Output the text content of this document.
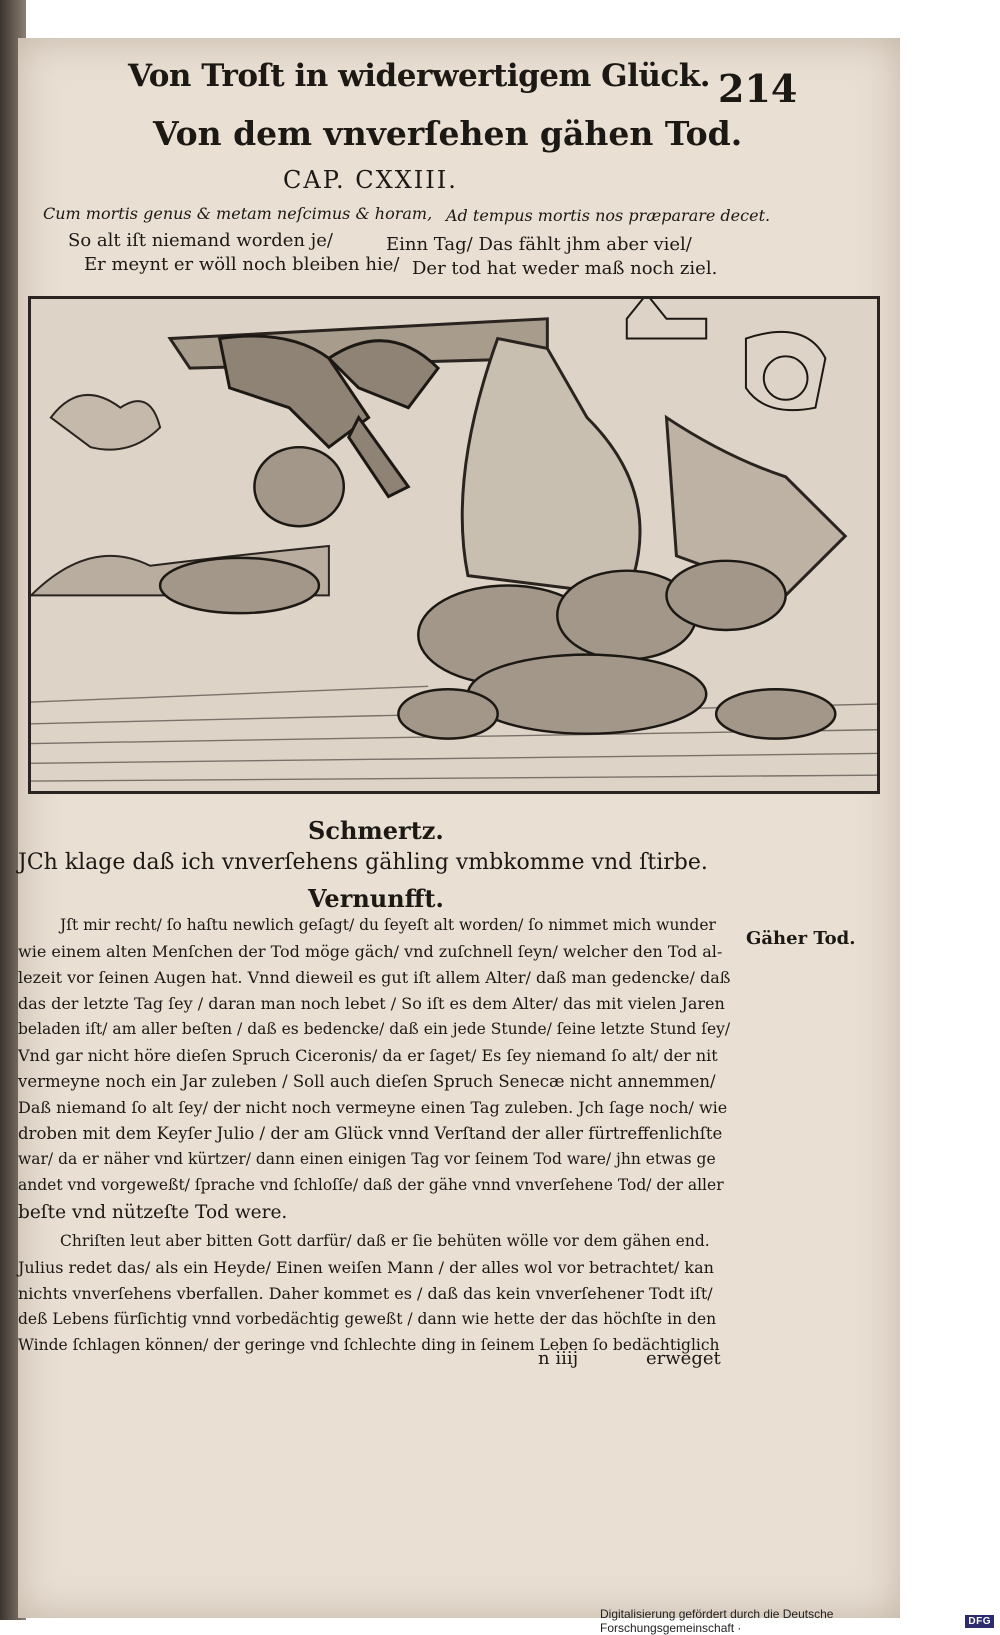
Von Troſt in widerwertigem Glück. 214
Von dem vnverſehen gähen Tod.
CAP. CXXIII.
Cum mortis genus & metam neſcimus & horam, Ad tempus mortis nos præparare decet.
So alt iſt niemand worden je/
Er meynt er wöll noch bleiben hie/
Einn Tag/ Das fählt jhm aber viel/
Der tod hat weder maß noch ziel.
Schmertz.
JCh klage daß ich vnverſehens gähling vmbkomme vnd ſtirbe.
Vernunfft.
Gäher Tod.
Jſt mir recht/ ſo haſtu newlich geſagt/ du ſeyeſt alt worden/ ſo nimmet mich wunder
wie einem alten Menſchen der Tod möge gäch/ vnd zuſchnell ſeyn/ welcher den Tod al-
lezeit vor ſeinen Augen hat. Vnnd dieweil es gut iſt allem Alter/ daß man gedencke/ daß
das der letzte Tag ſey / daran man noch lebet / So iſt es dem Alter/ das mit vielen Jaren
beladen iſt/ am aller beſten / daß es bedencke/ daß ein jede Stunde/ ſeine letzte Stund ſey/
Vnd gar nicht höre dieſen Spruch Ciceronis/ da er ſaget/ Es ſey niemand ſo alt/ der nit
vermeyne noch ein Jar zuleben / Soll auch dieſen Spruch Senecæ nicht annemmen/
Daß niemand ſo alt ſey/ der nicht noch vermeyne einen Tag zuleben. Jch ſage noch/ wie
droben mit dem Keyſer Julio / der am Glück vnnd Verſtand der aller fürtreffenlichſte
war/ da er näher vnd kürtzer/ dann einen einigen Tag vor ſeinem Tod ware/ jhn etwas ge
andet vnd vorgeweßt/ ſprache vnd ſchloſſe/ daß der gähe vnnd vnverſehene Tod/ der aller
beſte vnd nützeſte Tod were.
Chriſten leut aber bitten Gott darfür/ daß er ſie behüten wölle vor dem gähen end.
Julius redet das/ als ein Heyde/ Einen weiſen Mann / der alles wol vor betrachtet/ kan
nichts vnverſehens vberfallen. Daher kommet es / daß das kein vnverſehener Todt iſt/
deß Lebens fürſichtig vnnd vorbedächtig geweßt / dann wie hette der das höchſte in den
Winde ſchlagen können/ der geringe vnd ſchlechte ding in ſeinem Leben ſo bedächtiglich
n iiij	erweget
Digitalisierung gefördert durch die Deutsche Forschungsgemeinschaft ·	DFG
